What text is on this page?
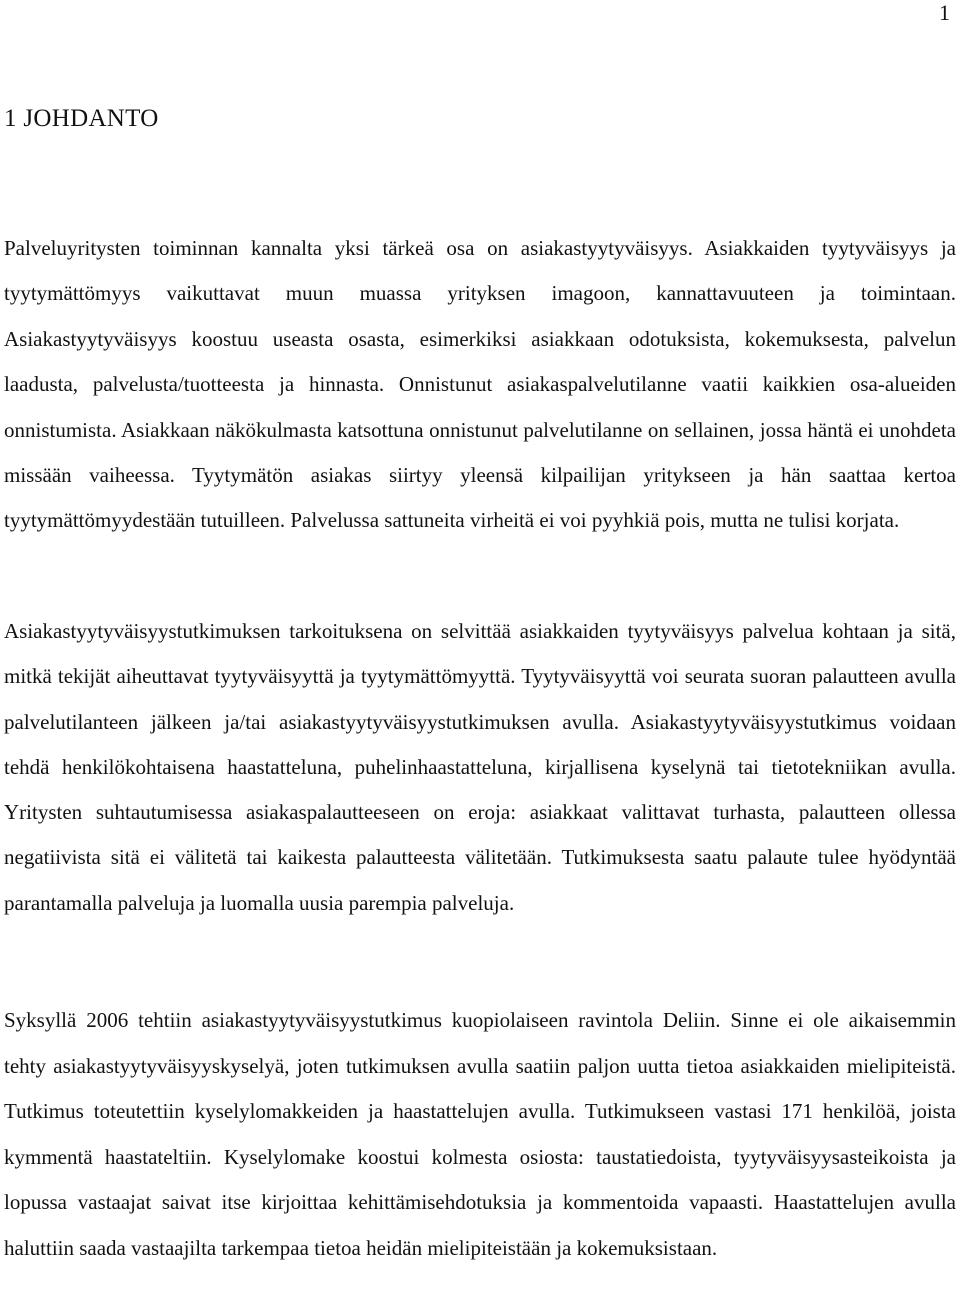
1
1 JOHDANTO

Palveluyritysten toiminnan kannalta yksi tärkeä osa on asiakastyytyväisyys. Asiakkaiden tyytyväisyys ja tyytymättömyys vaikuttavat muun muassa yrityksen imagoon, kannattavuuteen ja toimintaan. Asiakastyytyväisyys koostuu useasta osasta, esimerkiksi asiakkaan odotuksista, kokemuksesta, palvelun laadusta, palvelusta/tuotteesta ja hinnasta. Onnistunut asiakaspalvelutilanne vaatii kaikkien osa-alueiden onnistumista. Asiakkaan näkökulmasta katsottuna onnistunut palvelutilanne on sellainen, jossa häntä ei unohdeta missään vaiheessa. Tyytymätön asiakas siirtyy yleensä kilpailijan yritykseen ja hän saattaa kertoa tyytymättömyydestään tutuilleen. Palvelussa sattuneita virheitä ei voi pyyhkiä pois, mutta ne tulisi korjata.

Asiakastyytyväisyystutkimuksen tarkoituksena on selvittää asiakkaiden tyytyväisyys palvelua kohtaan ja sitä, mitkä tekijät aiheuttavat tyytyväisyyttä ja tyytymättömyyttä. Tyytyväisyyttä voi seurata suoran palautteen avulla palvelutilanteen jälkeen ja/tai asiakastyytyväisyystutkimuksen avulla. Asiakastyytyväisyystutkimus voidaan tehdä henkilökohtaisena haastatteluna, puhelinhaastatteluna, kirjallisena kyselynä tai tietotekniikan avulla. Yritysten suhtautumisessa asiakaspalautteeseen on eroja: asiakkaat valittavat turhasta, palautteen ollessa negatiivista sitä ei välitetä tai kaikesta palautteesta välitetään. Tutkimuksesta saatu palaute tulee hyödyntää parantamalla palveluja ja luomalla uusia parempia palveluja.

Syksyllä 2006 tehtiin asiakastyytyväisyystutkimus kuopiolaiseen ravintola Deliin. Sinne ei ole aikaisemmin tehty asiakastyytyväisyyskyselyä, joten tutkimuksen avulla saatiin paljon uutta tietoa asiakkaiden mielipiteistä. Tutkimus toteutettiin kyselylomakkeiden ja haastattelujen avulla. Tutkimukseen vastasi 171 henkilöä, joista kymmentä haastateltiin. Kyselylomake koostui kolmesta osiosta: taustatiedoista, tyytyväisyysasteikoista ja lopussa vastaajat saivat itse kirjoittaa kehittämisehdotuksia ja kommentoida vapaasti. Haastattelujen avulla haluttiin saada vastaajilta tarkempaa tietoa heidän mielipiteistään ja kokemuksistaan.
